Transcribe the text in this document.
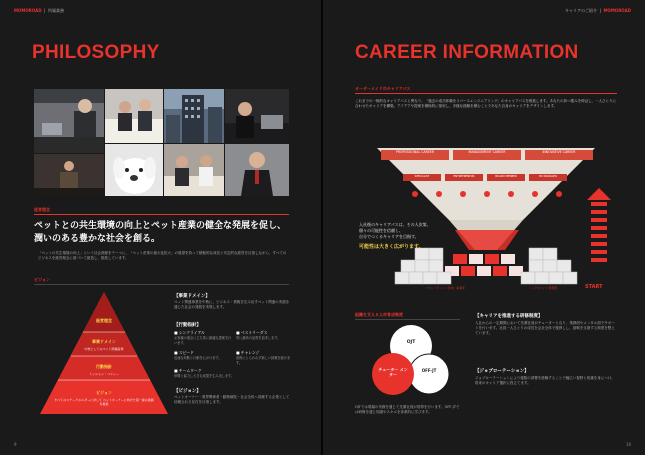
MOMOROAD  |  所属業務
PHILOSOPHY
経営理念
ペットとの共生環境の向上とペット産業の健全な発展を促し、
潤いのある豊かな社会を創る。
「ペットの共生環境の向上」という社会貢献をテーマに、「ペット産業の最大化拡大」の展望を持って積極的な成長と安定的な経営を目指しながら、すべてのビジネスを経営理念に基づいて創造し、推進しています。
ビジョン
経営理念
事業ドメイン
中核としてのペット関連産業
行動指針
ミッション・バリュー
ビジョン
すべてのステークホルダーに対して ペットオーナーに向けた第一線の価値を提供
【事業ドメイン】
ペット関連事業を中核に、ビジネス・情報を生み出すペット関連の実践を通じた社会の発展を実現します。
【行動指針】
■ シンクライアル
お客様の視点に立ち常に最適な提案を行います。
■ ベストリーダス
常に最高の品質を追求します。
■ スピード
迅速な判断と行動を心がけます。
■ チャレンジ
前例にとらわれず新しい挑戦を続けます。
■ チームワーク
仲間と協力し大きな成果を生み出します。
【ビジョン】
ペットオーナー・業界関係者・動物病院・社会全体へ貢献する企業として信頼される存在を目指します。
9
キャリアのご紹介  |  MOMOROAD
CAREER INFORMATION
オーダーメイドのキャリアパス
これまでの一般的なキャリアパスと異なり、「過去の成功体験をリバースエンジニアリング」のキャリアパスを推進します。あなたの持つ強みを伸ばし、一人ひとりに合わせたキャリアを構築。アイデアや提案を積極的に採用し、多様な経験を積むことであなた自身のキャリアをデザインします。
PROFESSIONAL CAREER	MANAGEMENT CAREER	INNOVATIVE CAREER
SPECIALIST	ENTREPRENEUR	BOARD MEMBER	BU MANAGER
入社後のキャリアパスは、その人次第。
個々の可能性を信頼し、
自分でつくるキャリアを目指す。
可能性は大きく広がります。
START
フロントオフィス 営業・事業部	バックオフィス 管理部
組織を支える人材育成制度
OJT
OFF-JT
チューター メンター
OJTでは現場の実務を通じて先輩社員が指導を行います。OFF-JTでは研修を通じ知識やスキルを体系的に学びます。
【キャリアを推進する研修制度】
入社からの一定期間において先輩社員がチューターとなり、業務面やメンタル面でサポートを行います。社員一人ひとりの成長を会社全体で後押しし、挑戦を支援する制度を整えています。
【ジョブローテーション】
ジョブローテーションにより複数の部署を経験することで幅広い視野と知識を身につけ、将来のキャリア選択に役立てます。
10
